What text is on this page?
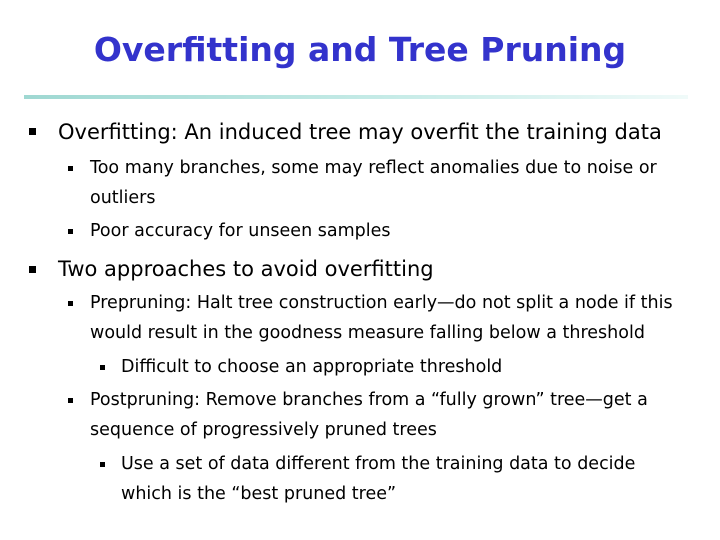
Overfitting and Tree Pruning
Overfitting: An induced tree may overfit the training data
Too many branches, some may reflect anomalies due to noise or
outliers
Poor accuracy for unseen samples
Two approaches to avoid overfitting
Prepruning: Halt tree construction early—do not split a node if this
would result in the goodness measure falling below a threshold
Difficult to choose an appropriate threshold
Postpruning: Remove branches from a “fully grown” tree—get a
sequence of progressively pruned trees
Use a set of data different from the training data to decide
which is the “best pruned tree”
